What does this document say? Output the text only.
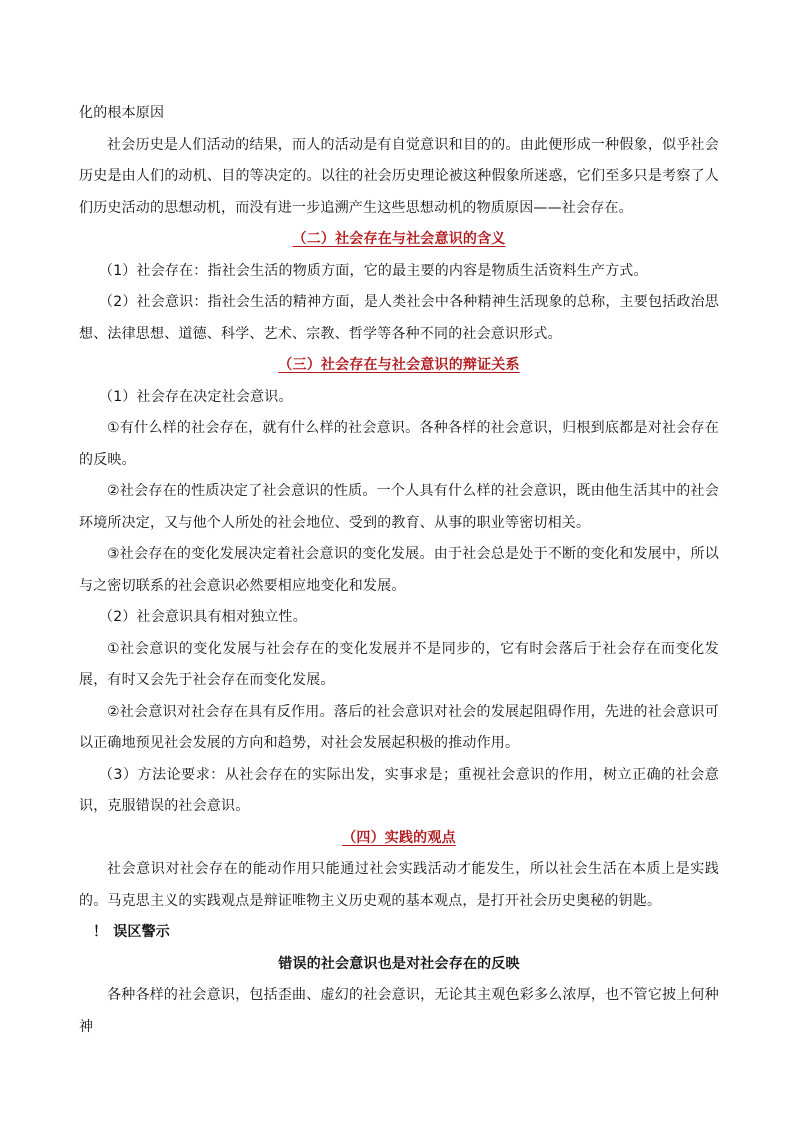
化的根本原因

社会历史是人们活动的结果，而人的活动是有自觉意识和目的的。由此便形成一种假象，似乎社会历史是由人们的动机、目的等决定的。以往的社会历史理论被这种假象所迷惑，它们至多只是考察了人们历史活动的思想动机，而没有进一步追溯产生这些思想动机的物质原因——社会存在。

（二）社会存在与社会意识的含义

（1）社会存在：指社会生活的物质方面，它的最主要的内容是物质生活资料生产方式。

（2）社会意识：指社会生活的精神方面，是人类社会中各种精神生活现象的总称，主要包括政治思想、法律思想、道德、科学、艺术、宗教、哲学等各种不同的社会意识形式。

（三）社会存在与社会意识的辩证关系

（1）社会存在决定社会意识。

①有什么样的社会存在，就有什么样的社会意识。各种各样的社会意识，归根到底都是对社会存在的反映。

②社会存在的性质决定了社会意识的性质。一个人具有什么样的社会意识，既由他生活其中的社会环境所决定，又与他个人所处的社会地位、受到的教育、从事的职业等密切相关。

③社会存在的变化发展决定着社会意识的变化发展。由于社会总是处于不断的变化和发展中，所以与之密切联系的社会意识必然要相应地变化和发展。

（2）社会意识具有相对独立性。

①社会意识的变化发展与社会存在的变化发展并不是同步的，它有时会落后于社会存在而变化发展，有时又会先于社会存在而变化发展。

②社会意识对社会存在具有反作用。落后的社会意识对社会的发展起阻碍作用，先进的社会意识可以正确地预见社会发展的方向和趋势，对社会发展起积极的推动作用。

（3）方法论要求：从社会存在的实际出发，实事求是；重视社会意识的作用，树立正确的社会意识，克服错误的社会意识。

（四）实践的观点

社会意识对社会存在的能动作用只能通过社会实践活动才能发生，所以社会生活在本质上是实践的。马克思主义的实践观点是辩证唯物主义历史观的基本观点，是打开社会历史奥秘的钥匙。

！ 误区警示

错误的社会意识也是对社会存在的反映

各种各样的社会意识，包括歪曲、虚幻的社会意识，无论其主观色彩多么浓厚，也不管它披上何种神
